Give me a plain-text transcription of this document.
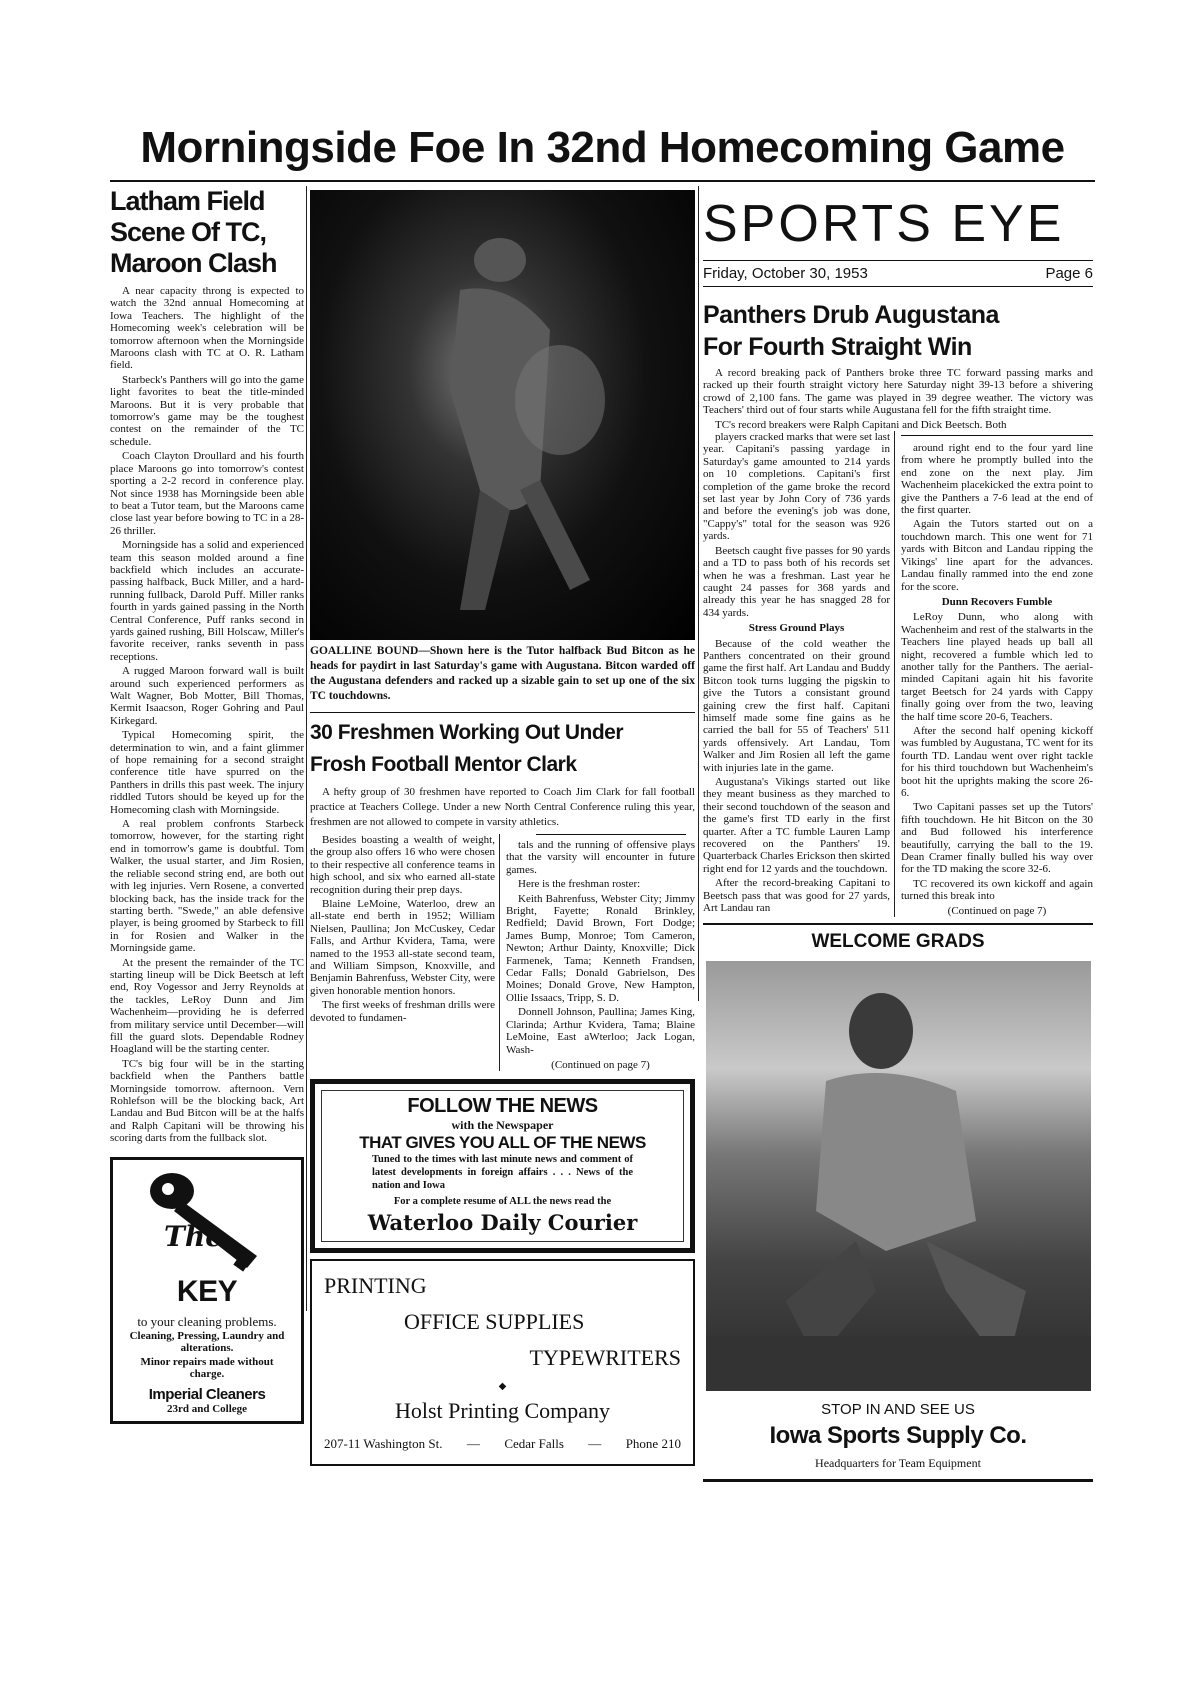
Morningside Foe In 32nd Homecoming Game
Latham Field
Scene Of TC,
Maroon Clash

A near capacity throng is expected to watch the 32nd annual Homecoming at Iowa Teachers. The highlight of the Homecoming week's celebration will be tomorrow afternoon when the Morningside Maroons clash with TC at O. R. Latham field.

Starbeck's Panthers will go into the game light favorites to beat the title-minded Maroons. But it is very probable that tomorrow's game may be the toughest contest on the remainder of the TC schedule.

Coach Clayton Droullard and his fourth place Maroons go into tomorrow's contest sporting a 2-2 record in conference play. Not since 1938 has Morningside been able to beat a Tutor team, but the Maroons came close last year before bowing to TC in a 28-26 thriller.

Morningside has a solid and experienced team this season molded around a fine backfield which includes an accurate-passing halfback, Buck Miller, and a hard-running fullback, Darold Puff. Miller ranks fourth in yards gained passing in the North Central Conference, Puff ranks second in yards gained rushing, Bill Holscaw, Miller's favorite receiver, ranks seventh in pass receptions.

A rugged Maroon forward wall is built around such experienced performers as Walt Wagner, Bob Motter, Bill Thomas, Kermit Isaacson, Roger Gohring and Paul Kirkegard.

Typical Homecoming spirit, the determination to win, and a faint glimmer of hope remaining for a second straight conference title have spurred on the Panthers in drills this past week. The injury riddled Tutors should be keyed up for the Homecoming clash with Morningside.

A real problem confronts Starbeck tomorrow, however, for the starting right end in tomorrow's game is doubtful. Tom Walker, the usual starter, and Jim Rosien, the reliable second string end, are both out with leg injuries. Vern Rosene, a converted blocking back, has the inside track for the starting berth. "Swede," an able defensive player, is being groomed by Starbeck to fill in for Rosien and Walker in the Morningside game.

At the present the remainder of the TC starting lineup will be Dick Beetsch at left end, Roy Vogessor and Jerry Reynolds at the tackles, LeRoy Dunn and Jim Wachenheim—providing he is deferred from military service until December—will fill the guard slots. Dependable Rodney Hoagland will be the starting center.

TC's big four will be in the starting backfield when the Panthers battle Morningside tomorrow. afternoon. Vern Rohlefson will be the blocking back, Art Landau and Bud Bitcon will be at the halfs and Ralph Capitani will be throwing his scoring darts from the fullback slot.

The
KEY
to your cleaning problems.
Cleaning, Pressing, Laundry and alterations.
Minor repairs made without charge.
Imperial Cleaners
23rd and College
GOALLINE BOUND—Shown here is the Tutor halfback Bud Bitcon as he heads for paydirt in last Saturday's game with Augustana. Bitcon warded off the Augustana defenders and racked up a sizable gain to set up one of the six TC touchdowns.
30 Freshmen Working Out Under
Frosh Football Mentor Clark

A hefty group of 30 freshmen have reported to Coach Jim Clark for fall football practice at Teachers College. Under a new North Central Conference ruling this year, freshmen are not allowed to compete in varsity athletics.

Besides boasting a wealth of weight, the group also offers 16 who were chosen to their respective all conference teams in high school, and six who earned all-state recognition during their prep days.

Blaine LeMoine, Waterloo, drew an all-state end berth in 1952; William Nielsen, Paullina; Jon McCuskey, Cedar Falls, and Arthur Kvidera, Tama, were named to the 1953 all-state second team, and William Simpson, Knoxville, and Benjamin Bahrenfuss, Webster City, were given honorable mention honors.

The first weeks of freshman drills were devoted to fundamen-

tals and the running of offensive plays that the varsity will encounter in future games.

Here is the freshman roster:

Keith Bahrenfuss, Webster City; Jimmy Bright, Fayette; Ronald Brinkley, Redfield; David Brown, Fort Dodge; James Bump, Monroe; Tom Cameron, Newton; Arthur Dainty, Knoxville; Dick Farmenek, Tama; Kenneth Frandsen, Cedar Falls; Donald Gabrielson, Des Moines; Donald Grove, New Hampton, Ollie Issaacs, Tripp, S. D.

Donnell Johnson, Paullina; James King, Clarinda; Arthur Kvidera, Tama; Blaine LeMoine, East aWterloo; Jack Logan, Wash-

(Continued on page 7)
FOLLOW THE NEWS
with the Newspaper
THAT GIVES YOU ALL OF THE NEWS
Tuned to the times with last minute news and comment of latest developments in foreign affairs . . . News of the nation and Iowa
For a complete resume of ALL the news read the
Waterloo Daily Courier
PRINTING
OFFICE SUPPLIES
TYPEWRITERS
◆
Holst Printing Company
207-11 Washington St. — Cedar Falls — Phone 210
SPORTS EYE
Friday, October 30, 1953	Page 6
Panthers Drub Augustana
For Fourth Straight Win

A record breaking pack of Panthers broke three TC forward passing marks and racked up their fourth straight victory here Saturday night 39-13 before a shivering crowd of 2,100 fans. The game was played in 39 degree weather. The victory was Teachers' third out of four starts while Augustana fell for the fifth straight time.

TC's record breakers were Ralph Capitani and Dick Beetsch. Both

players cracked marks that were set last year. Capitani's passing yardage in Saturday's game amounted to 214 yards on 10 completions. Capitani's first completion of the game broke the record set last year by John Cory of 736 yards and before the evening's job was done, "Cappy's" total for the season was 926 yards.

Beetsch caught five passes for 90 yards and a TD to pass both of his records set when he was a freshman. Last year he caught 24 passes for 368 yards and already this year he has snagged 28 for 434 yards.

Stress Ground Plays

Because of the cold weather the Panthers concentrated on their ground game the first half. Art Landau and Buddy Bitcon took turns lugging the pigskin to give the Tutors a consistant ground gaining crew the first half. Capitani himself made some fine gains as he carried the ball for 55 of Teachers' 511 yards offensively. Art Landau, Tom Walker and Jim Rosien all left the game with injuries late in the game.

Augustana's Vikings started out like they meant business as they marched to their second touchdown of the season and the game's first TD early in the first quarter. After a TC fumble Lauren Lamp recovered on the Panthers' 19. Quarterback Charles Erickson then skirted right end for 12 yards and the touchdown.

After the record-breaking Capitani to Beetsch pass that was good for 27 yards, Art Landau ran

around right end to the four yard line from where he promptly bulled into the end zone on the next play. Jim Wachenheim placekicked the extra point to give the Panthers a 7-6 lead at the end of the first quarter.

Again the Tutors started out on a touchdown march. This one went for 71 yards with Bitcon and Landau ripping the Vikings' line apart for the advances. Landau finally rammed into the end zone for the score.

Dunn Recovers Fumble

LeRoy Dunn, who along with Wachenheim and rest of the stalwarts in the Teachers line played heads up ball all night, recovered a fumble which led to another tally for the Panthers. The aerial-minded Capitani again hit his favorite target Beetsch for 24 yards with Cappy finally going over from the two, leaving the half time score 20-6, Teachers.

After the second half opening kickoff was fumbled by Augustana, TC went for its fourth TD. Landau went over right tackle for his third touchdown but Wachenheim's boot hit the uprights making the score 26-6.

Two Capitani passes set up the Tutors' fifth touchdown. He hit Bitcon on the 30 and Bud followed his interference beautifully, carrying the ball to the 19. Dean Cramer finally bulled his way over for the TD making the score 32-6.

TC recovered its own kickoff and again turned this break into

(Continued on page 7)
WELCOME GRADS
STOP IN AND SEE US
Iowa Sports Supply Co.
Headquarters for Team Equipment
